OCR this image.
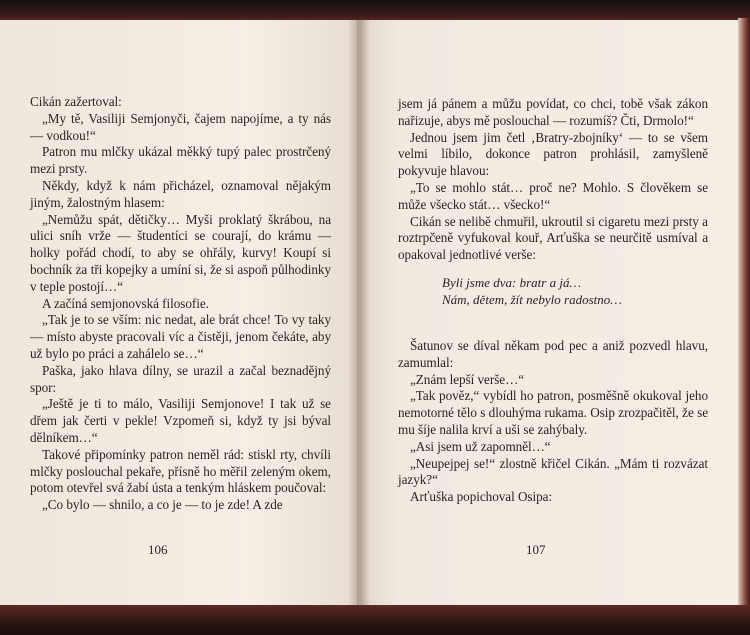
Cikán zažertoval:

„My tě, Vasiliji Semjonyči, čajem napojíme, a ty nás — vodkou!“

Patron mu mlčky ukázal měkký tupý palec prostrčený mezi prsty.

Někdy, když k nám přicházel, oznamoval nějakým jiným, žalostným hlasem:

„Nemůžu spát, dětičky… Myši proklatý škrábou, na ulici sníh vrže — študentíci se courají, do krámu — holky pořád chodí, to aby se ohřály, kurvy! Koupí si bochník za tři kopejky a umíní si, že si aspoň půlhodinky v teple postojí…“

A začíná semjonovská filosofie.

„Tak je to se vším: nic nedat, ale brát chce! To vy taky — místo abyste pracovali víc a čistěji, jenom čekáte, aby už bylo po práci a zahálelo se…“

Paška, jako hlava dílny, se urazil a začal beznadějný spor:

„Ještě je ti to málo, Vasiliji Semjonove! I tak už se dřem jak čerti v pekle! Vzpomeň si, když ty jsi býval dělníkem…“

Takové připomínky patron neměl rád: stiskl rty, chvíli mlčky poslouchal pekaře, přísně ho měřil zeleným okem, potom otevřel svá žabí ústa a tenkým hláskem poučoval:

„Co bylo — shnilo, a co je — to je zde! A zde

106

jsem já pánem a můžu povídat, co chci, tobě však zákon nařizuje, abys mě poslouchal — rozumíš? Čti, Drmolo!“

Jednou jsem jim četl ‚Bratry-zbojníky‘ — to se všem velmi líbilo, dokonce patron prohlásil, zamyšleně pokyvuje hlavou:

„To se mohlo stát… proč ne? Mohlo. S člověkem se může všecko stát… všecko!“

Cikán se nelibě chmuřil, ukroutil si cigaretu mezi prsty a roztrpčeně vyfukoval kouř, Arťuška se neurčitě usmíval a opakoval jednotlivé verše:

Byli jsme dva: bratr a já…
Nám, dětem, žít nebylo radostno…

Šatunov se díval někam pod pec a aniž pozvedl hlavu, zamumlal:

„Znám lepší verše…“

„Tak pověz,“ vybídl ho patron, posměšně okukoval jeho nemotorné tělo s dlouhýma rukama. Osip zrozpačitěl, že se mu šíje nalila krví a uši se zahýbaly.

„Asi jsem už zapomněl…“

„Neupejpej se!“ zlostně křičel Cikán. „Mám ti rozvázat jazyk?“

Arťuška popichoval Osipa:

107
